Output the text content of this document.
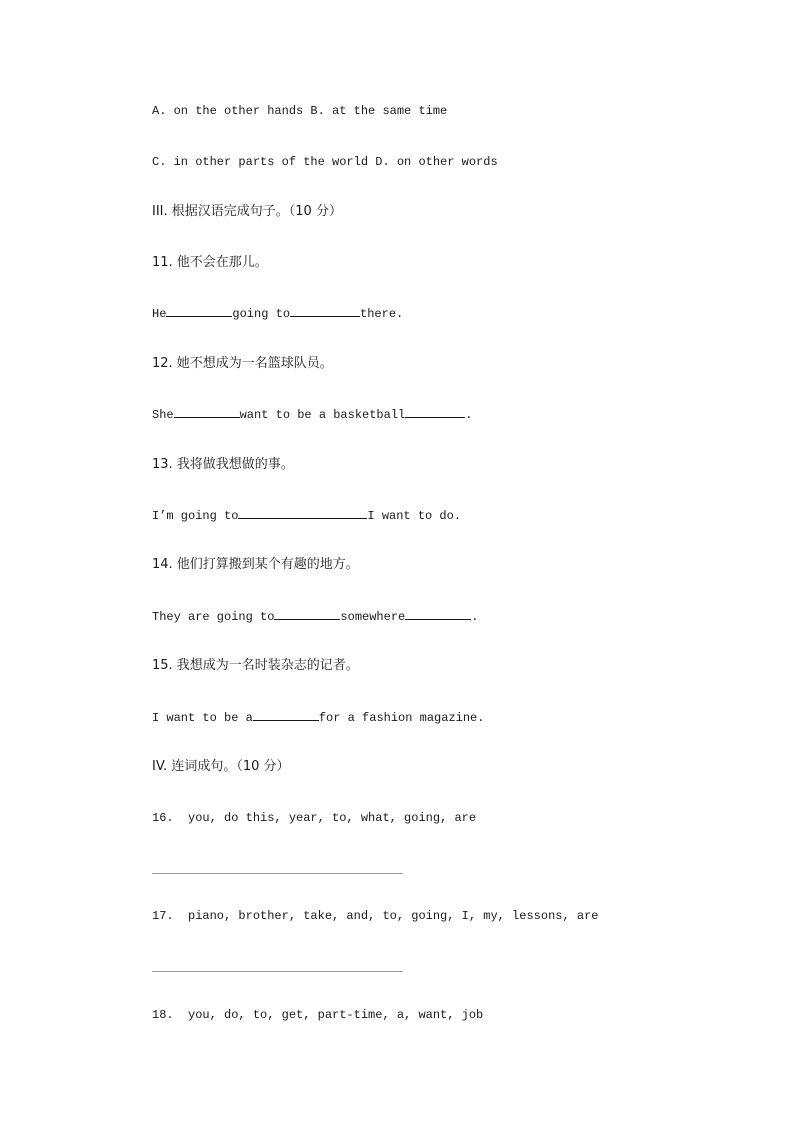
A. on the other hands B. at the same time

C. in other parts of the world D. on other words

III. 根据汉语完成句子。（10 分）

11. 他不会在那儿。

He	going to	there.

12. 她不想成为一名篮球队员。

She	want to be a basketball	.

13. 我将做我想做的事。

I’m going to	I want to do.

14. 他们打算搬到某个有趣的地方。

They are going to	somewhere	.

15. 我想成为一名时装杂志的记者。

I want to be a	for a fashion magazine.

IV. 连词成句。（10 分）

16.  you, do this, year, to, what, going, are

17.  piano, brother, take, and, to, going, I, my, lessons, are

18.  you, do, to, get, part-time, a, want, job
